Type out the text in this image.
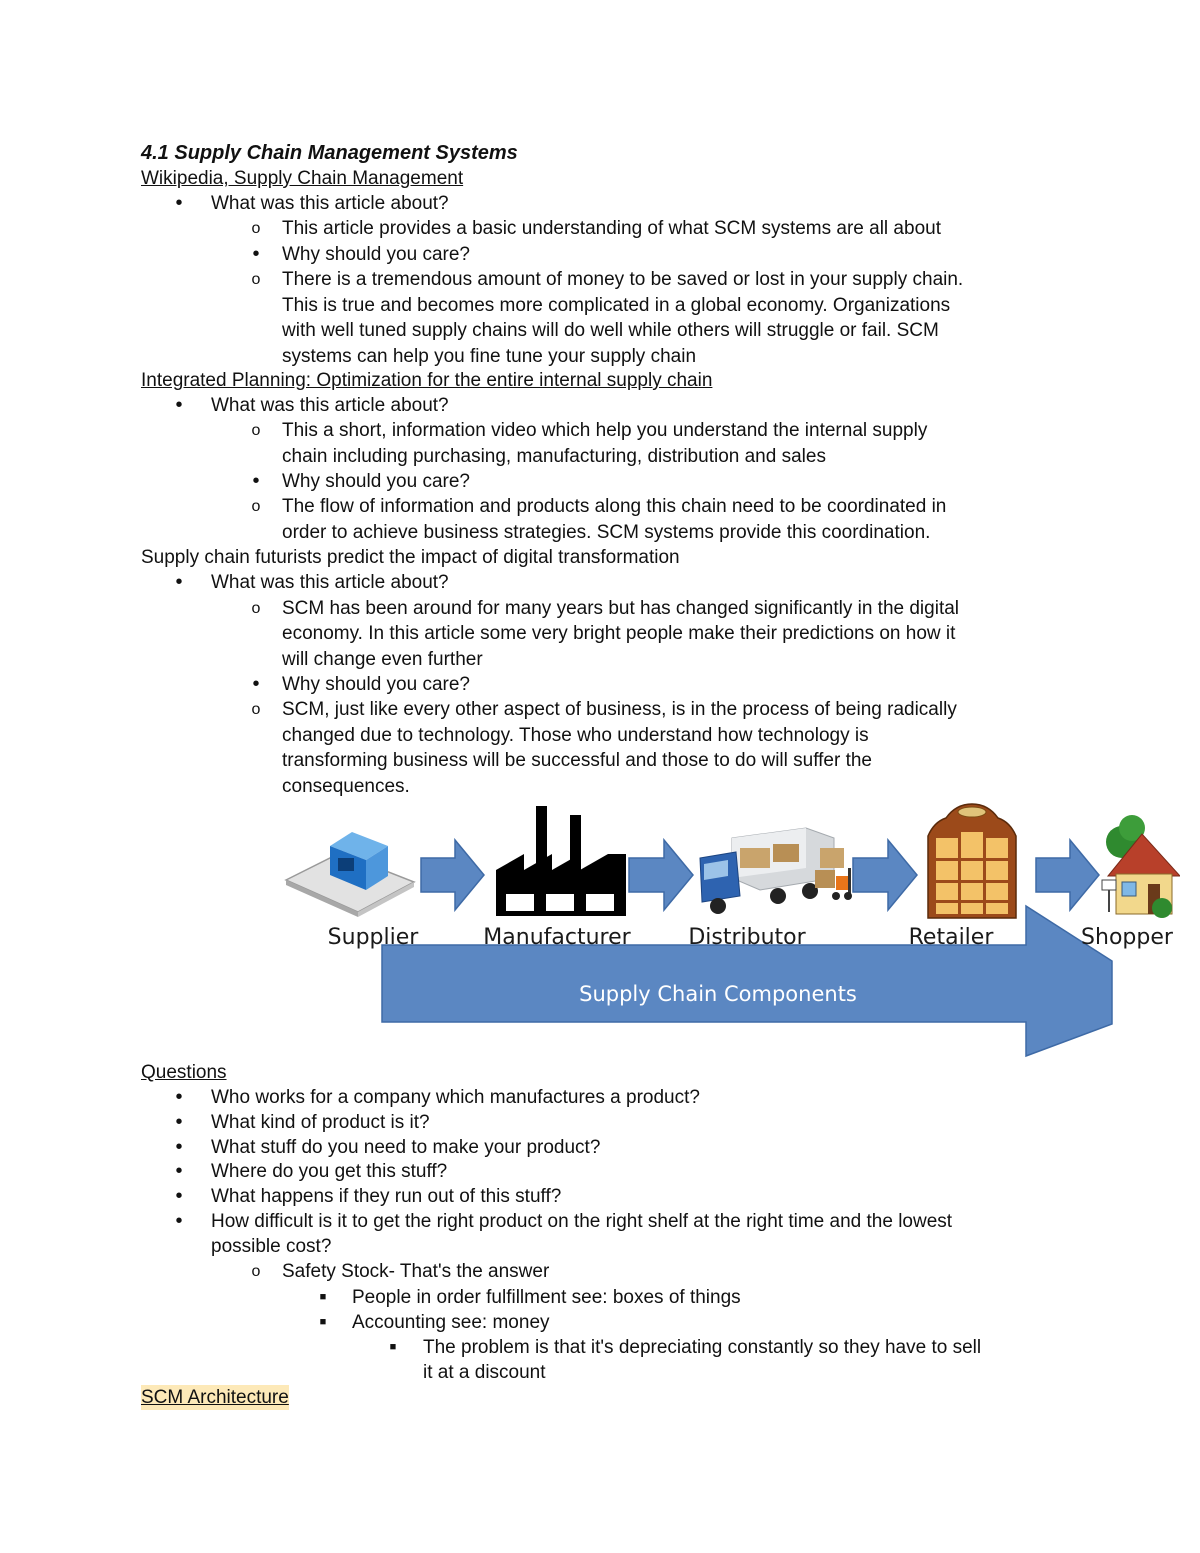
4.1 Supply Chain Management Systems
Wikipedia, Supply Chain Management
• What was this article about?
o This article provides a basic understanding of what SCM systems are all about
• Why should you care?
o There is a tremendous amount of money to be saved or lost in your supply chain.
This is true and becomes more complicated in a global economy. Organizations
with well tuned supply chains will do well while others will struggle or fail. SCM
systems can help you fine tune your supply chain
Integrated Planning: Optimization for the entire internal supply chain
• What was this article about?
o This a short, information video which help you understand the internal supply
chain including purchasing, manufacturing, distribution and sales
• Why should you care?
o The flow of information and products along this chain need to be coordinated in
order to achieve business strategies. SCM systems provide this coordination.
Supply chain futurists predict the impact of digital transformation
• What was this article about?
o SCM has been around for many years but has changed significantly in the digital
economy. In this article some very bright people make their predictions on how it
will change even further
• Why should you care?
o SCM, just like every other aspect of business, is in the process of being radically
changed due to technology. Those who understand how technology is
transforming business will be successful and those to do will suffer the
consequences.
Supplier	Manufacturer	Distributor	Retailer	Shopper
Supply Chain Components
Questions
• Who works for a company which manufactures a product?
• What kind of product is it?
• What stuff do you need to make your product?
• Where do you get this stuff?
• What happens if they run out of this stuff?
• How difficult is it to get the right product on the right shelf at the right time and the lowest
possible cost?
o Safety Stock- That's the answer
■ People in order fulfillment see: boxes of things
■ Accounting see: money
■ The problem is that it's depreciating constantly so they have to sell
it at a discount
SCM Architecture
